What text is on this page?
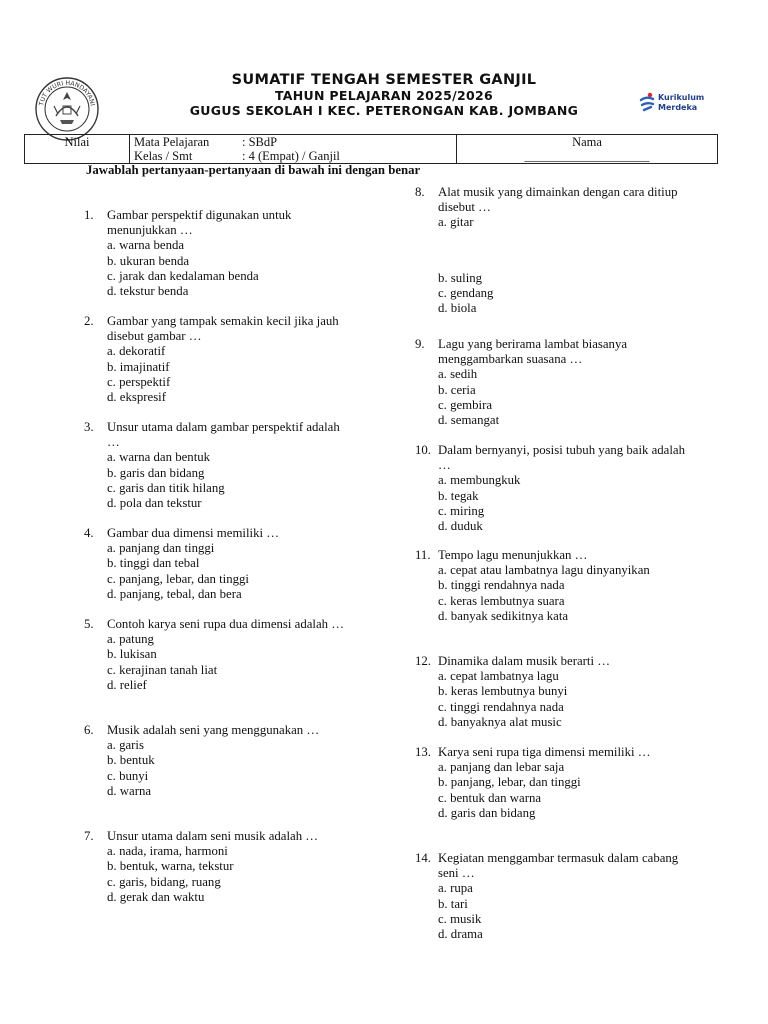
TUT WURI HANDAYANI
Kurikulum
Merdeka
SUMATIF TENGAH SEMESTER GANJIL
TAHUN PELAJARAN 2025/2026
GUGUS SEKOLAH I KEC. PETERONGAN KAB. JOMBANG
Nilai	Mata Pelajaran	: SBdP
Kelas / Smt	: 4 (Empat) / Ganjil

Nama
____________________
Jawablah pertanyaan-pertanyaan di bawah ini dengan benar
1.	Gambar perspektif digunakan untuk menunjukkan …
a. warna benda
b. ukuran benda
c. jarak dan kedalaman benda
d. tekstur benda
2.	Gambar yang tampak semakin kecil jika jauh disebut gambar …
a. dekoratif
b. imajinatif
c. perspektif
d. ekspresif
3.	Unsur utama dalam gambar perspektif adalah …
a. warna dan bentuk
b. garis dan bidang
c. garis dan titik hilang
d. pola dan tekstur
4.	Gambar dua dimensi memiliki …
a. panjang dan tinggi
b. tinggi dan tebal
c. panjang, lebar, dan tinggi
d. panjang, tebal, dan bera
5.	Contoh karya seni rupa dua dimensi adalah …
a. patung
b. lukisan
c. kerajinan tanah liat
d. relief
6.	Musik adalah seni yang menggunakan …
a. garis
b. bentuk
c. bunyi
d. warna
7.	Unsur utama dalam seni musik adalah …
a. nada, irama, harmoni
b. bentuk, warna, tekstur
c. garis, bidang, ruang
d. gerak dan waktu
8.	Alat musik yang dimainkan dengan cara ditiup disebut …
a. gitar
b. suling
c. gendang
d. biola
9.	Lagu yang berirama lambat biasanya menggambarkan suasana …
a. sedih
b. ceria
c. gembira
d. semangat
10. Dalam bernyanyi, posisi tubuh yang baik adalah …
a. membungkuk
b. tegak
c. miring
d. duduk
11. Tempo lagu menunjukkan …
a. cepat atau lambatnya lagu dinyanyikan
b. tinggi rendahnya nada
c. keras lembutnya suara
d. banyak sedikitnya kata
12. Dinamika dalam musik berarti …
a. cepat lambatnya lagu
b. keras lembutnya bunyi
c. tinggi rendahnya nada
d. banyaknya alat music
13. Karya seni rupa tiga dimensi memiliki …
a. panjang dan lebar saja
b. panjang, lebar, dan tinggi
c. bentuk dan warna
d. garis dan bidang
14. Kegiatan menggambar termasuk dalam cabang seni …
a. rupa
b. tari
c. musik
d. drama
